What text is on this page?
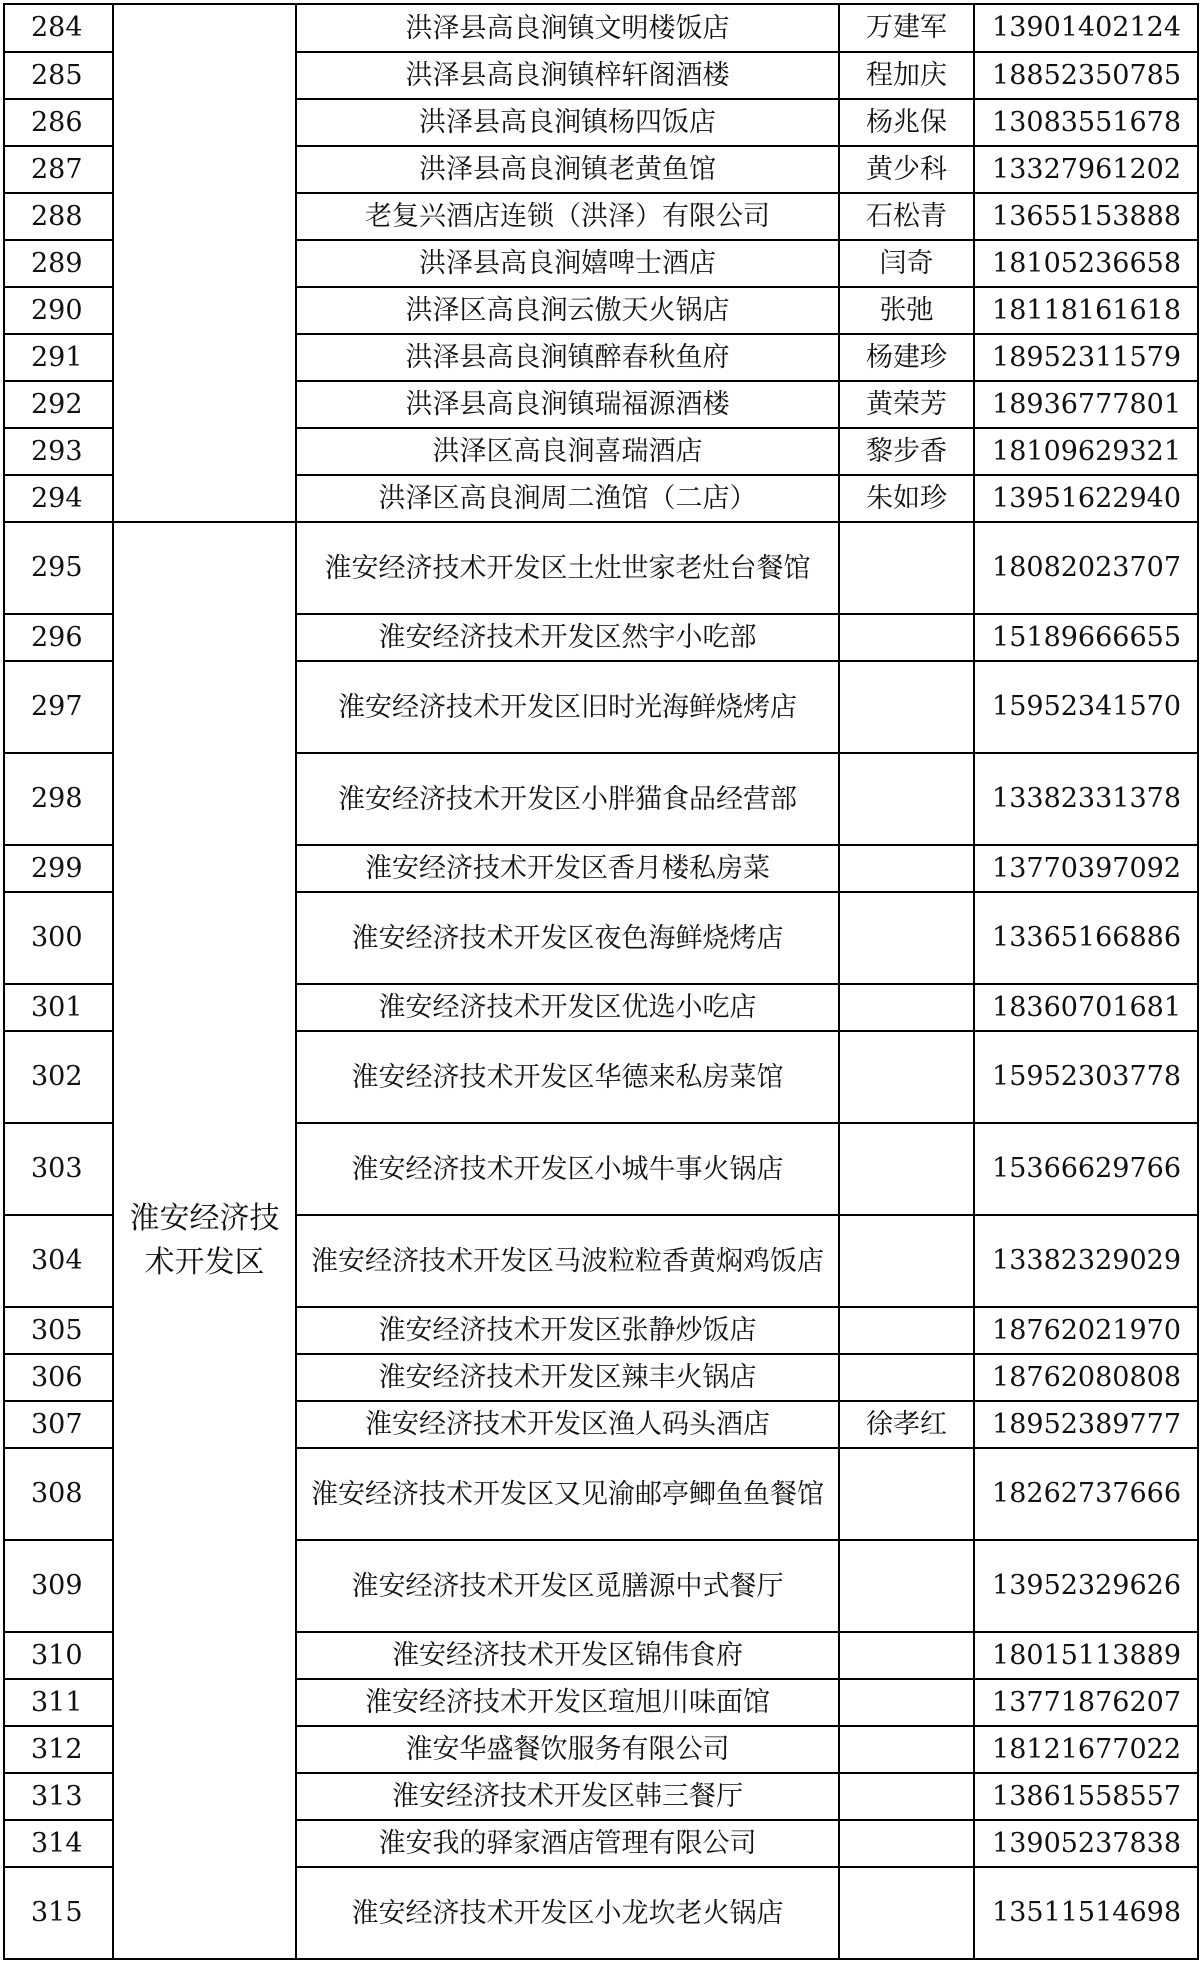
284		洪泽县高良涧镇文明楼饭店	万建军	13901402124
285		洪泽县高良涧镇梓轩阁酒楼	程加庆	18852350785
286		洪泽县高良涧镇杨四饭店	杨兆保	13083551678
287		洪泽县高良涧镇老黄鱼馆	黄少科	13327961202
288		老复兴酒店连锁（洪泽）有限公司	石松青	13655153888
289		洪泽县高良涧嬉啤士酒店	闫奇	18105236658
290		洪泽区高良涧云傲天火锅店	张弛	18118161618
291		洪泽县高良涧镇醉春秋鱼府	杨建珍	18952311579
292		洪泽县高良涧镇瑞福源酒楼	黄荣芳	18936777801
293		洪泽区高良涧喜瑞酒店	黎步香	18109629321
294		洪泽区高良涧周二渔馆（二店）	朱如珍	13951622940
295	淮安经济技术开发区	淮安经济技术开发区土灶世家老灶台餐馆		18082023707
296		淮安经济技术开发区然宇小吃部		15189666655
297		淮安经济技术开发区旧时光海鲜烧烤店		15952341570
298		淮安经济技术开发区小胖猫食品经营部		13382331378
299		淮安经济技术开发区香月楼私房菜		13770397092
300		淮安经济技术开发区夜色海鲜烧烤店		13365166886
301		淮安经济技术开发区优选小吃店		18360701681
302		淮安经济技术开发区华德来私房菜馆		15952303778
303		淮安经济技术开发区小城牛事火锅店		15366629766
304		淮安经济技术开发区马波粒粒香黄焖鸡饭店		13382329029
305		淮安经济技术开发区张静炒饭店		18762021970
306		淮安经济技术开发区辣丰火锅店		18762080808
307		淮安经济技术开发区渔人码头酒店	徐孝红	18952389777
308		淮安经济技术开发区又见渝邮亭鲫鱼鱼餐馆		18262737666
309		淮安经济技术开发区觅膳源中式餐厅		13952329626
310		淮安经济技术开发区锦伟食府		18015113889
311		淮安经济技术开发区瑄旭川味面馆		13771876207
312		淮安华盛餐饮服务有限公司		18121677022
313		淮安经济技术开发区韩三餐厅		13861558557
314		淮安我的驿家酒店管理有限公司		13905237838
315		淮安经济技术开发区小龙坎老火锅店		13511514698
